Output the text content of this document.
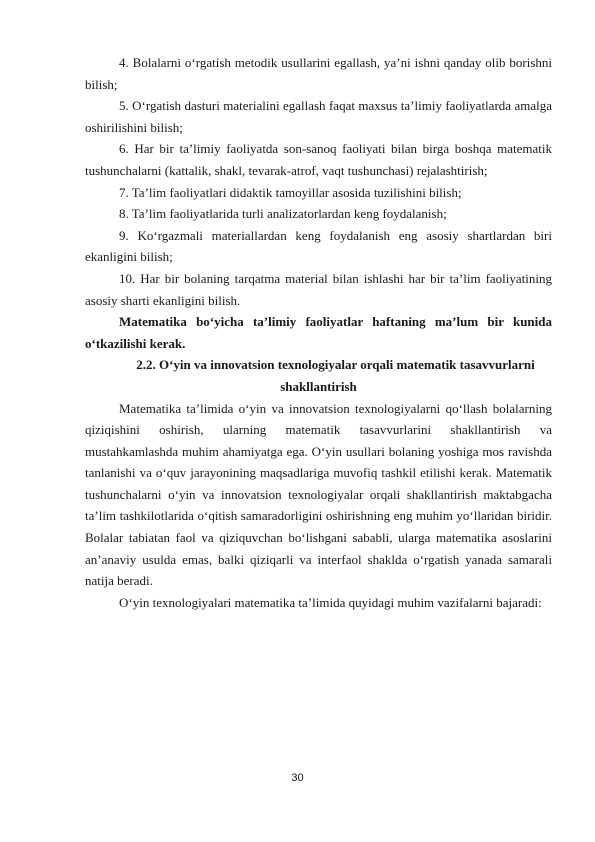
4. Bolalarni o‘rgatish metodik usullarini egallash, ya’ni ishni qanday olib borishni bilish;

5. O‘rgatish dasturi materialini egallash faqat maxsus ta’limiy faoliyatlarda amalga oshirilishini bilish;

6. Har bir ta’limiy faoliyatda son-sanoq faoliyati bilan birga boshqa matematik tushunchalarni (kattalik, shakl, tevarak-atrof, vaqt tushunchasi) rejalashtirish;

7. Ta’lim faoliyatlari didaktik tamoyillar asosida tuzilishini bilish;

8. Ta’lim faoliyatlarida turli analizatorlardan keng foydalanish;

9. Ko‘rgazmali materiallardan keng foydalanish eng asosiy shartlardan biri ekanligini bilish;

10. Har bir bolaning tarqatma material bilan ishlashi har bir ta’lim faoliyatining asosiy sharti ekanligini bilish.

Matematika bo‘yicha ta’limiy faoliyatlar haftaning ma’lum bir kunida o‘tkazilishi kerak.

2.2. O‘yin va innovatsion texnologiyalar orqali matematik tasavvurlarni shakllantirish

Matematika ta’limida o‘yin va innovatsion texnologiyalarni qo‘llash bolalarning qiziqishini oshirish, ularning matematik tasavvurlarini shakllantirish va mustahkamlashda muhim ahamiyatga ega. O‘yin usullari bolaning yoshiga mos ravishda tanlanishi va o‘quv jarayonining maqsadlariga muvofiq tashkil etilishi kerak. Matematik tushunchalarni o‘yin va innovatsion texnologiyalar orqali shakllantirish maktabgacha ta’lim tashkilotlarida o‘qitish samaradorligini oshirishning eng muhim yo‘llaridan biridir. Bolalar tabiatan faol va qiziquvchan bo‘lishgani sababli, ularga matematika asoslarini an’anaviy usulda emas, balki qiziqarli va interfaol shaklda o‘rgatish yanada samarali natija beradi.

O‘yin texnologiyalari matematika ta’limida quyidagi muhim vazifalarni bajaradi:

30
